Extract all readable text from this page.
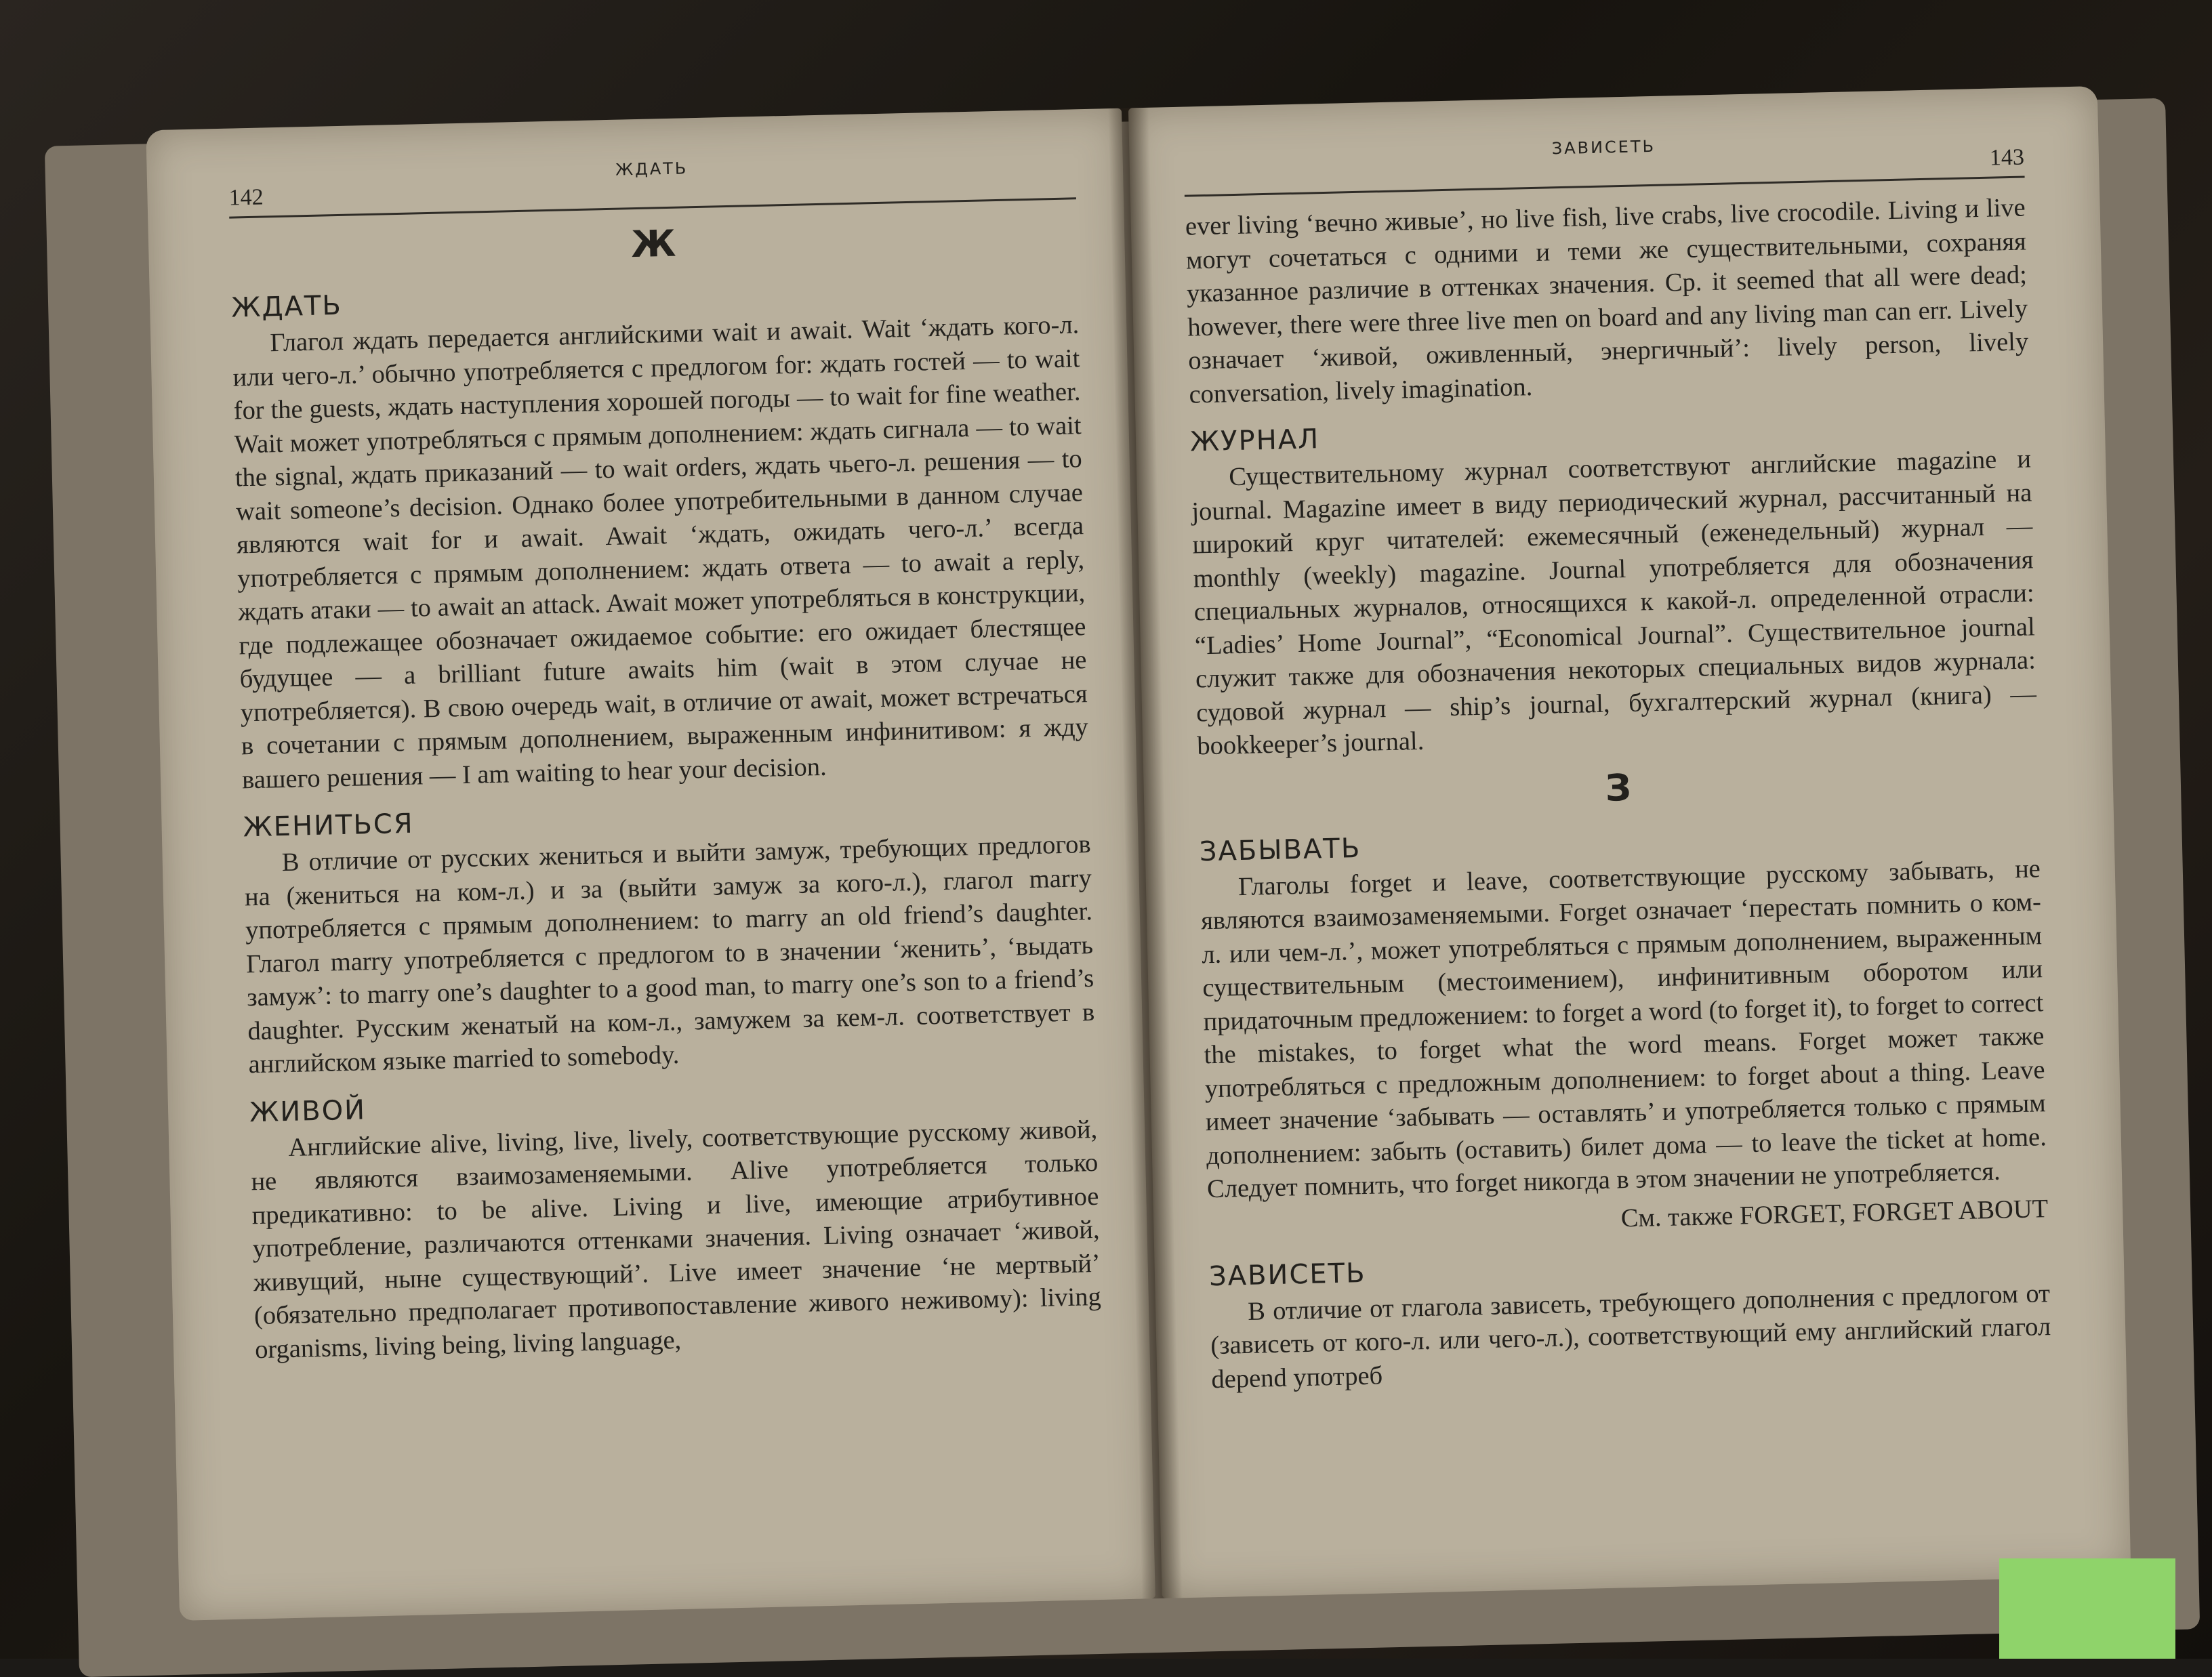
142
ЖДАТЬ
Ж
ЖДАТЬ

Глагол ждать передается английскими wait и await. Wait ‘ждать кого-л. или чего-л.’ обычно употребляется с предлогом for: ждать гостей — to wait for the guests, ждать наступления хорошей погоды — to wait for fine weather. Wait может употребляться с прямым дополнением: ждать сигнала — to wait the signal, ждать приказаний — to wait orders, ждать чьего-л. решения — to wait someone’s decision. Однако более употребительными в данном случае являются wait for и await. Await ‘ждать, ожидать чего-л.’ всегда употребляется с прямым дополнением: ждать ответа — to await a reply, ждать атаки — to await an attack. Await может употребляться в конструкции, где подлежащее обозначает ожидаемое событие: его ожидает блестящее будущее — a brilliant future awaits him (wait в этом случае не употребляется). В свою очередь wait, в отличие от await, может встречаться в сочетании с прямым дополнением, выраженным инфинитивом: я жду вашего решения — I am waiting to hear your decision.

ЖЕНИТЬСЯ

В отличие от русских жениться и выйти замуж, требующих предлогов на (жениться на ком-л.) и за (выйти замуж за кого-л.), глагол marry употребляется с прямым дополнением: to marry an old friend’s daughter. Глагол marry употребляется с предлогом to в значении ‘женить’, ‘выдать замуж’: to marry one’s daughter to a good man, to marry one’s son to a friend’s daughter. Русским женатый на ком-л., замужем за кем-л. соответствует в английском языке married to somebody.

ЖИВОЙ

Английские alive, living, live, lively, соответствующие русскому живой, не являются взаимозаменяемыми. Alive употребляется только предикативно: to be alive. Living и live, имеющие атрибутивное употребление, различаются оттенками значения. Living означает ‘живой, живущий, ныне существующий’. Live имеет значение ‘не мертвый’ (обязательно предполагает противопоставление живого неживому): living organisms, living being, living language,

ЗАВИСЕТЬ	143

ever living ‘вечно живые’, но live fish, live crabs, live crocodile. Living и live могут сочетаться с одними и теми же существительными, сохраняя указанное различие в оттенках значения. Ср. it seemed that all were dead; however, there were three live men on board and any living man can err. Lively означает ‘живой, оживленный, энергичный’: lively person, lively conversation, lively imagination.

ЖУРНАЛ

Существительному журнал соответствуют английские magazine и journal. Magazine имеет в виду периодический журнал, рассчитанный на широкий круг читателей: ежемесячный (еженедельный) журнал — monthly (weekly) magazine. Journal употребляется для обозначения специальных журналов, относящихся к какой-л. определенной отрасли: “Ladies’ Home Journal”, “Economical Journal”. Существительное journal служит также для обозначения некоторых специальных видов журнала: судовой журнал — ship’s journal, бухгалтерский журнал (книга) — bookkeeper’s journal.

З
ЗАБЫВАТЬ

Глаголы forget и leave, соответствующие русскому забывать, не являются взаимозаменяемыми. Forget означает ‘перестать помнить о ком-л. или чем-л.’, может употребляться с прямым дополнением, выраженным существительным (местоимением), инфинитивным оборотом или придаточным предложением: to forget a word (to forget it), to forget to correct the mistakes, to forget what the word means. Forget может также употребляться с предложным дополнением: to forget about a thing. Leave имеет значение ‘забывать — оставлять’ и употребляется только с прямым дополнением: забыть (оставить) билет дома — to leave the ticket at home. Следует помнить, что forget никогда в этом значении не употребляется.

См. также FORGET, FORGET ABOUT
ЗАВИСЕТЬ

В отличие от глагола зависеть, требующего дополнения с предлогом от (зависеть от кого-л. или чего-л.), соответствующий ему английский глагол depend употреб
